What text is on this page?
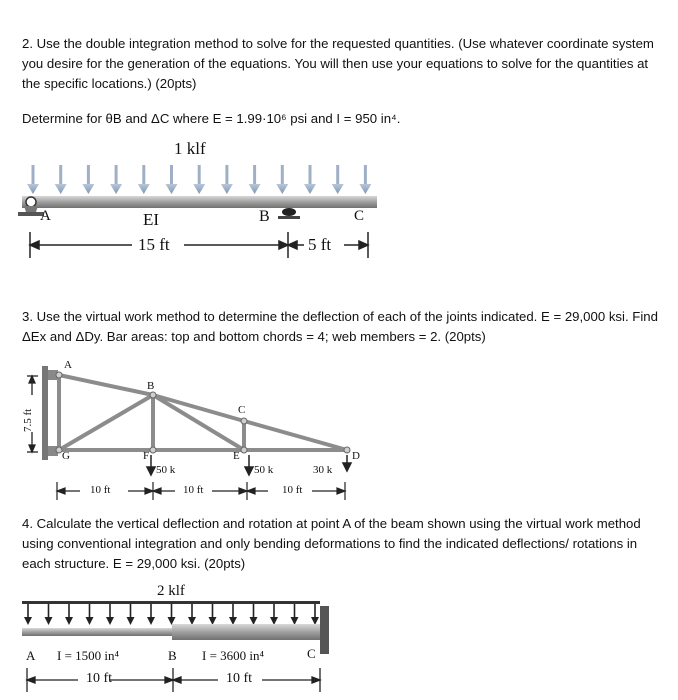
2. Use the double integration method to solve for the requested quantities. (Use whatever coordinate system you desire for the generation of the equations. You will then use your equations to solve for the quantities at the specific locations.) (20pts)

Determine for θB and ΔC where E = 1.99·10⁶ psi and I = 950 in⁴.

1 klf
A	EI	B	C
15 ft	5 ft

3. Use the virtual work method to determine the deflection of each of the joints indicated. E = 29,000 ksi. Find ΔEx and ΔDy. Bar areas: top and bottom chords = 4; web members = 2. (20pts)

7.5 ft
A
B
C
D
E
F
G
50 k	50 k	30 k
10 ft	10 ft	10 ft

4. Calculate the vertical deflection and rotation at point A of the beam shown using the virtual work method using conventional integration and only bending deformations to find the indicated deflections/ rotations in each structure. E = 29,000 ksi. (20pts)

2 klf
A I = 1500 in⁴	B I = 3600 in⁴	C
10 ft	10 ft
